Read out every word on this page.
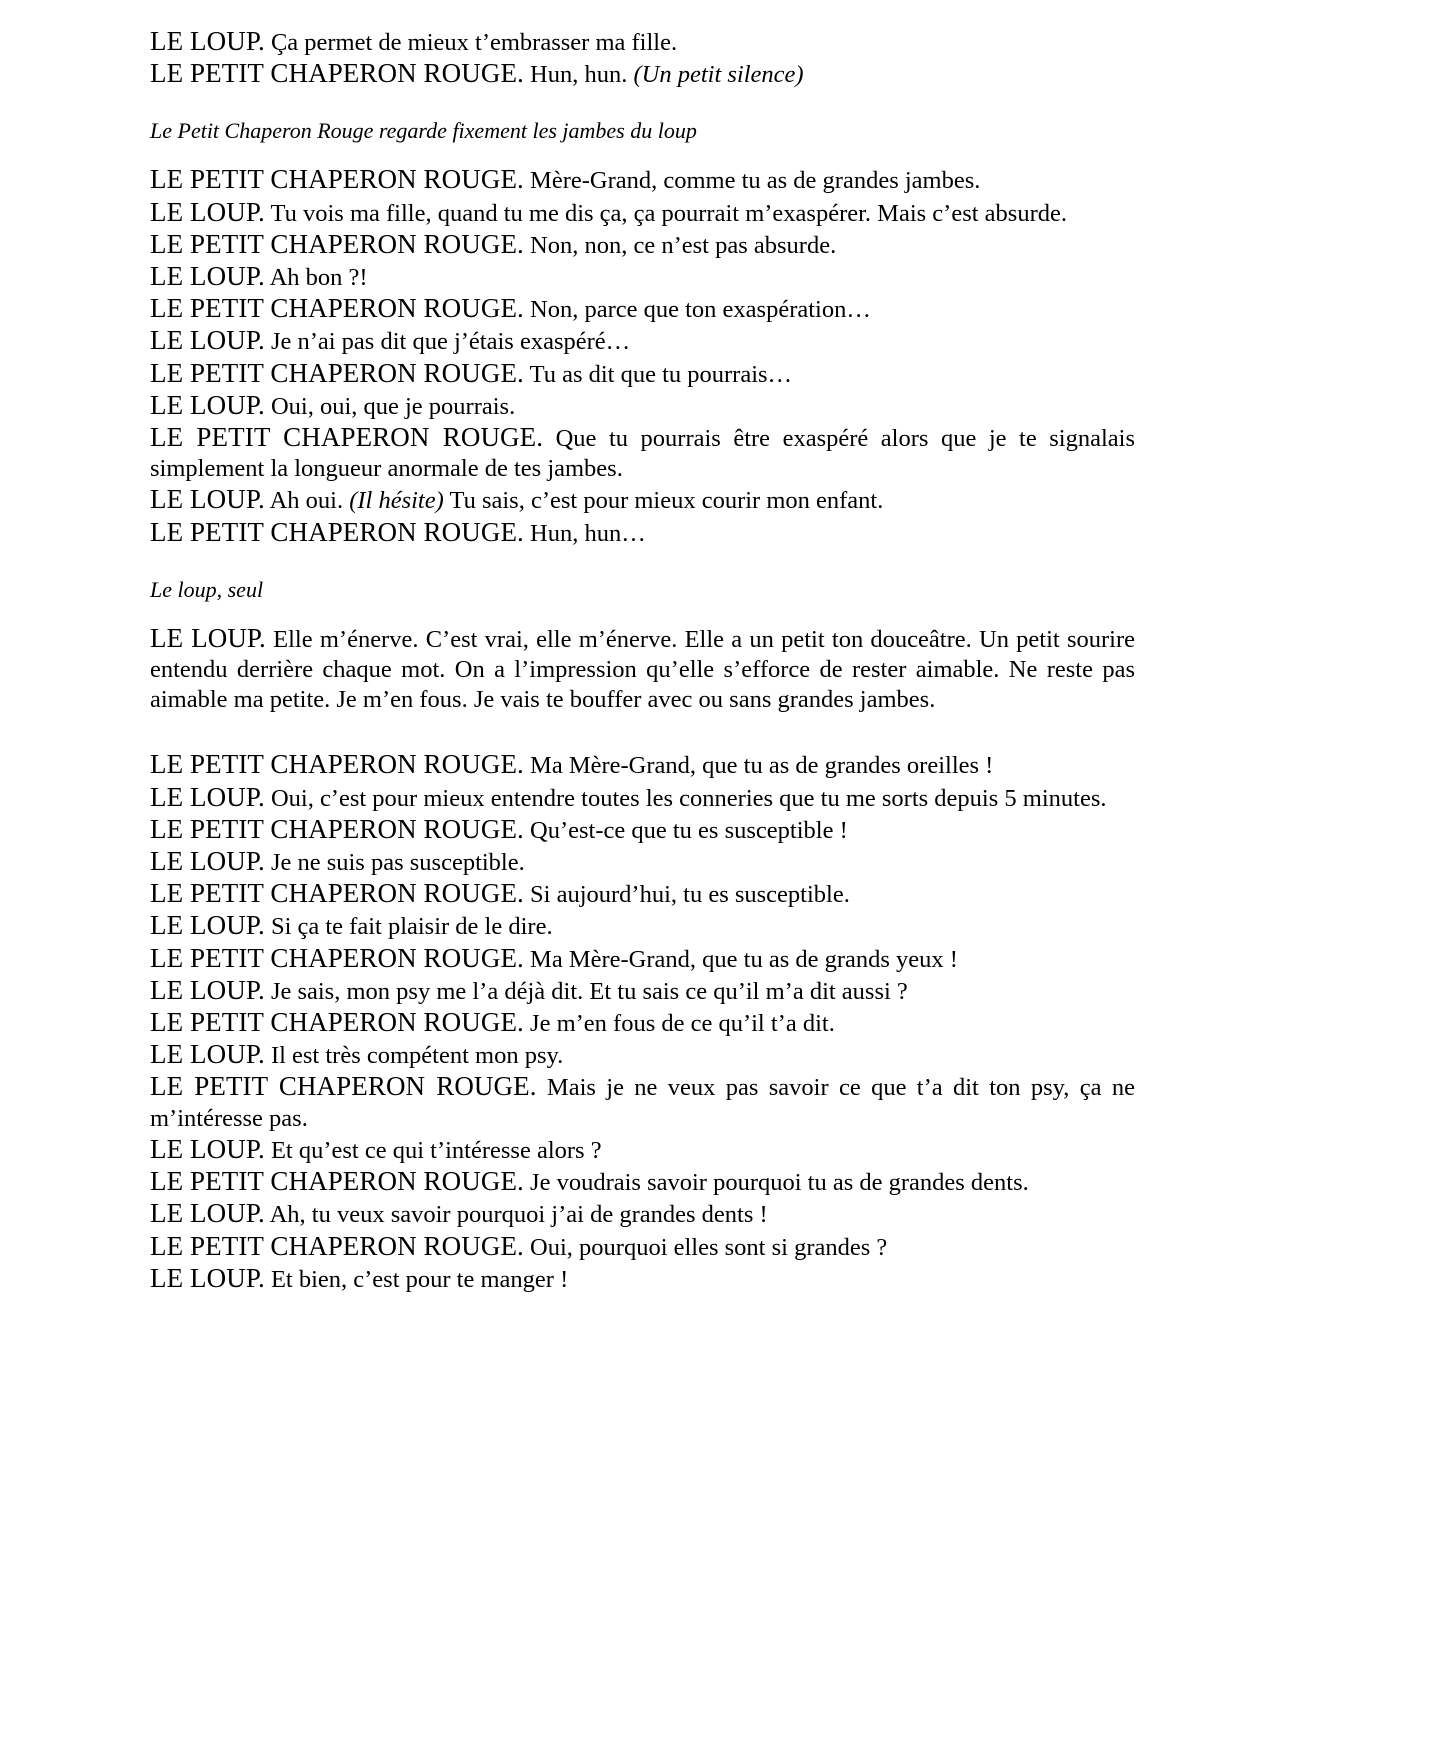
LE LOUP. Ça permet de mieux t’embrasser ma fille.

LE PETIT CHAPERON ROUGE. Hun, hun. (Un petit silence)

Le Petit Chaperon Rouge regarde fixement les jambes du loup

LE PETIT CHAPERON ROUGE. Mère-Grand, comme tu as de grandes jambes.

LE LOUP. Tu vois ma fille, quand tu me dis ça, ça pourrait m’exaspérer. Mais c’est absurde.

LE PETIT CHAPERON ROUGE. Non, non, ce n’est pas absurde.

LE LOUP. Ah bon ?!

LE PETIT CHAPERON ROUGE. Non, parce que ton exaspération…

LE LOUP. Je n’ai pas dit que j’étais exaspéré…

LE PETIT CHAPERON ROUGE. Tu as dit que tu pourrais…

LE LOUP. Oui, oui, que je pourrais.

LE PETIT CHAPERON ROUGE. Que tu pourrais être exaspéré alors que je te signalais simplement la longueur anormale de tes jambes.

LE LOUP. Ah oui. (Il hésite) Tu sais, c’est pour mieux courir mon enfant.

LE PETIT CHAPERON ROUGE. Hun, hun…

Le loup, seul

LE LOUP. Elle m’énerve. C’est vrai, elle m’énerve. Elle a un petit ton douceâtre. Un petit sourire entendu derrière chaque mot. On a l’impression qu’elle s’efforce de rester aimable. Ne reste pas aimable ma petite. Je m’en fous. Je vais te bouffer avec ou sans grandes jambes.

LE PETIT CHAPERON ROUGE. Ma Mère-Grand, que tu as de grandes oreilles !

LE LOUP. Oui, c’est pour mieux entendre toutes les conneries que tu me sorts depuis 5 minutes.

LE PETIT CHAPERON ROUGE. Qu’est-ce que tu es susceptible !

LE LOUP. Je ne suis pas susceptible.

LE PETIT CHAPERON ROUGE. Si aujourd’hui, tu es susceptible.

LE LOUP. Si ça te fait plaisir de le dire.

LE PETIT CHAPERON ROUGE. Ma Mère-Grand, que tu as de grands yeux !

LE LOUP. Je sais, mon psy me l’a déjà dit. Et tu sais ce qu’il m’a dit aussi ?

LE PETIT CHAPERON ROUGE. Je m’en fous de ce qu’il t’a dit.

LE LOUP. Il est très compétent mon psy.

LE PETIT CHAPERON ROUGE. Mais je ne veux pas savoir ce que t’a dit ton psy, ça ne m’intéresse pas.

LE LOUP. Et qu’est ce qui t’intéresse alors ?

LE PETIT CHAPERON ROUGE. Je voudrais savoir pourquoi tu as de grandes dents.

LE LOUP. Ah, tu veux savoir pourquoi j’ai de grandes dents !

LE PETIT CHAPERON ROUGE. Oui, pourquoi elles sont si grandes ?

LE LOUP. Et bien, c’est pour te manger !
